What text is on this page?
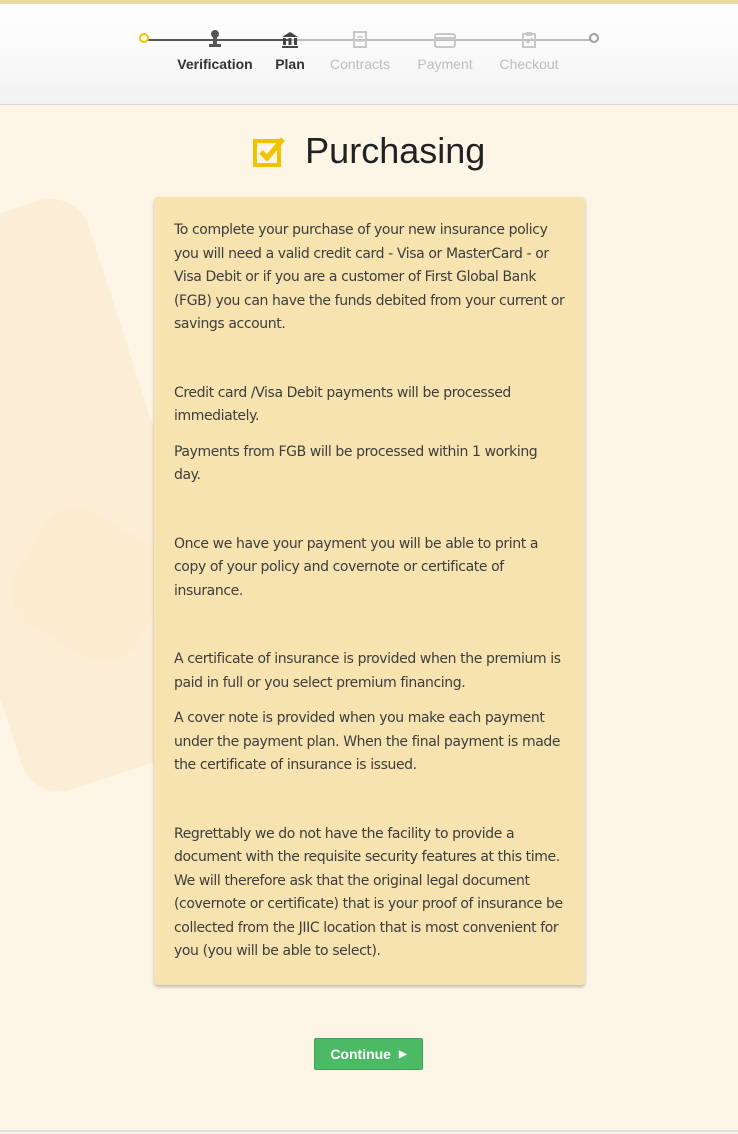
Verification	Plan	Contracts	Payment	Checkout
Purchasing

To complete your purchase of your new insurance policy you will need a valid credit card - Visa or MasterCard - or Visa Debit or if you are a customer of First Global Bank (FGB) you can have the funds debited from your current or savings account.

Credit card /Visa Debit payments will be processed immediately.

Payments from FGB will be processed within 1 working day.

Once we have your payment you will be able to print a copy of your policy and covernote or certificate of insurance.

A certificate of insurance is provided when the premium is paid in full or you select premium financing.

A cover note is provided when you make each payment under the payment plan. When the final payment is made the certificate of insurance is issued.

Regrettably we do not have the facility to provide a document with the requisite security features at this time. We will therefore ask that the original legal document (covernote or certificate) that is your proof of insurance be collected from the JIIC location that is most convenient for you (you will be able to select).

Continue ▶
